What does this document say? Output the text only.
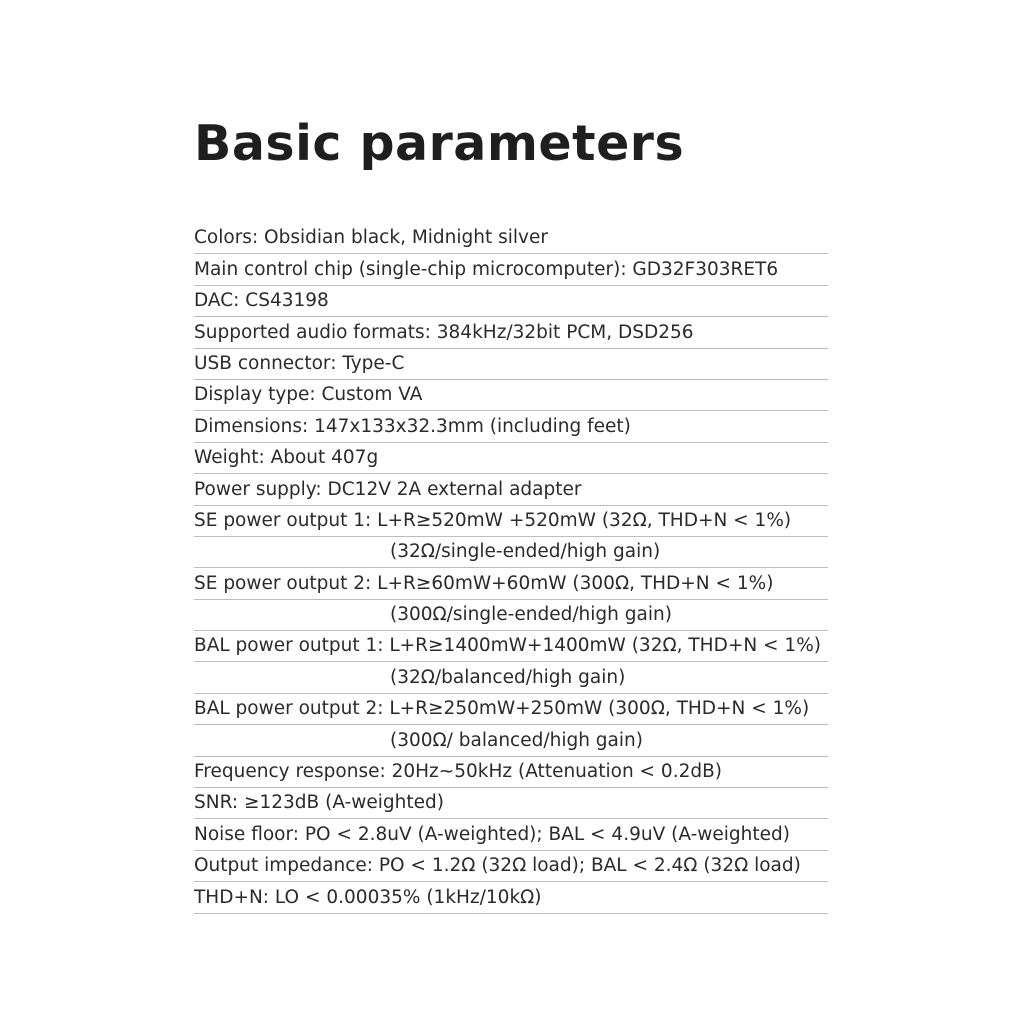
Basic parameters
Colors: Obsidian black, Midnight silver
Main control chip (single-chip microcomputer): GD32F303RET6
DAC: CS43198
Supported audio formats: 384kHz/32bit PCM, DSD256
USB connector: Type-C
Display type: Custom VA
Dimensions: 147x133x32.3mm (including feet)
Weight: About 407g
Power supply: DC12V 2A external adapter
SE power output 1: L+R≥520mW +520mW (32Ω, THD+N < 1%)
(32Ω/single-ended/high gain)
SE power output 2: L+R≥60mW+60mW (300Ω, THD+N < 1%)
(300Ω/single-ended/high gain)
BAL power output 1: L+R≥1400mW+1400mW (32Ω, THD+N < 1%)
(32Ω/balanced/high gain)
BAL power output 2: L+R≥250mW+250mW (300Ω, THD+N < 1%)
(300Ω/ balanced/high gain)
Frequency response: 20Hz~50kHz (Attenuation < 0.2dB)
SNR: ≥123dB (A-weighted)
Noise floor: PO < 2.8uV (A-weighted); BAL < 4.9uV (A-weighted)
Output impedance: PO < 1.2Ω (32Ω load); BAL < 2.4Ω (32Ω load)
THD+N: LO < 0.00035% (1kHz/10kΩ)
